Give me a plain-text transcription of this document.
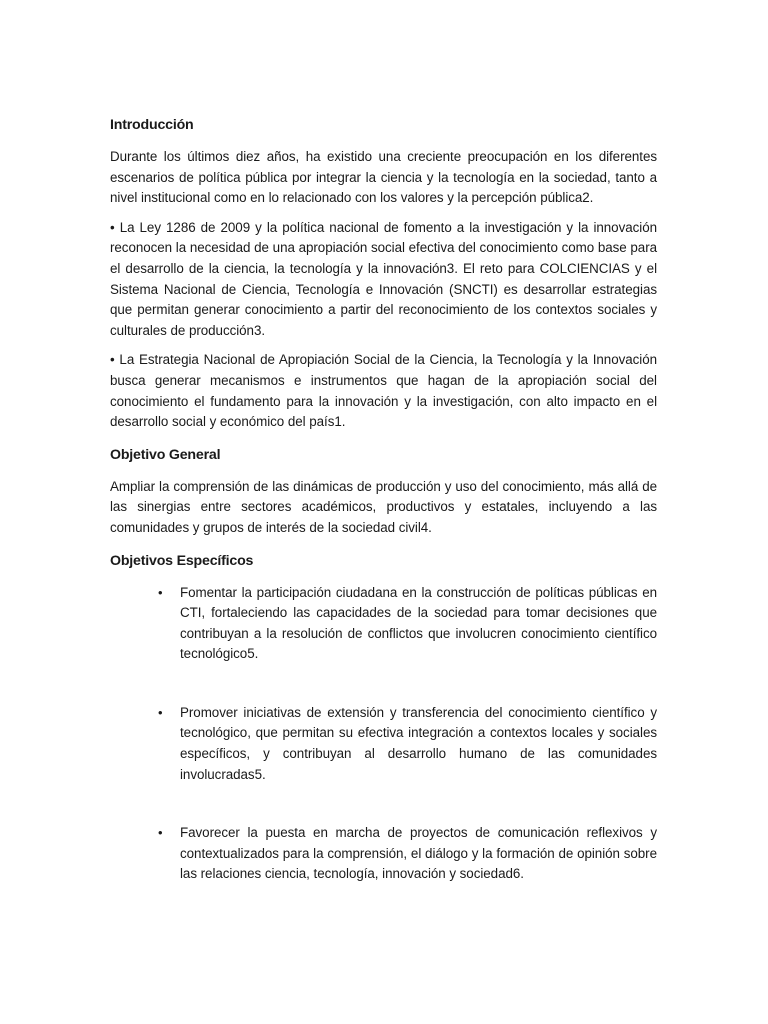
Introducción

Durante los últimos diez años, ha existido una creciente preocupación en los diferentes escenarios de política pública por integrar la ciencia y la tecnología en la sociedad, tanto a nivel institucional como en lo relacionado con los valores y la percepción pública2.

• La Ley 1286 de 2009 y la política nacional de fomento a la investigación y la innovación reconocen la necesidad de una apropiación social efectiva del conocimiento como base para el desarrollo de la ciencia, la tecnología y la innovación3. El reto para COLCIENCIAS y el Sistema Nacional de Ciencia, Tecnología e Innovación (SNCTI) es desarrollar estrategias que permitan generar conocimiento a partir del reconocimiento de los contextos sociales y culturales de producción3.

• La Estrategia Nacional de Apropiación Social de la Ciencia, la Tecnología y la Innovación busca generar mecanismos e instrumentos que hagan de la apropiación social del conocimiento el fundamento para la innovación y la investigación, con alto impacto en el desarrollo social y económico del país1.

Objetivo General

Ampliar la comprensión de las dinámicas de producción y uso del conocimiento, más allá de las sinergias entre sectores académicos, productivos y estatales, incluyendo a las comunidades y grupos de interés de la sociedad civil4.

Objetivos Específicos
• Fomentar la participación ciudadana en la construcción de políticas públicas en CTI, fortaleciendo las capacidades de la sociedad para tomar decisiones que contribuyan a la resolución de conflictos que involucren conocimiento científico tecnológico5.
• Promover iniciativas de extensión y transferencia del conocimiento científico y tecnológico, que permitan su efectiva integración a contextos locales y sociales específicos, y contribuyan al desarrollo humano de las comunidades involucradas5.
• Favorecer la puesta en marcha de proyectos de comunicación reflexivos y contextualizados para la comprensión, el diálogo y la formación de opinión sobre las relaciones ciencia, tecnología, innovación y sociedad6.
